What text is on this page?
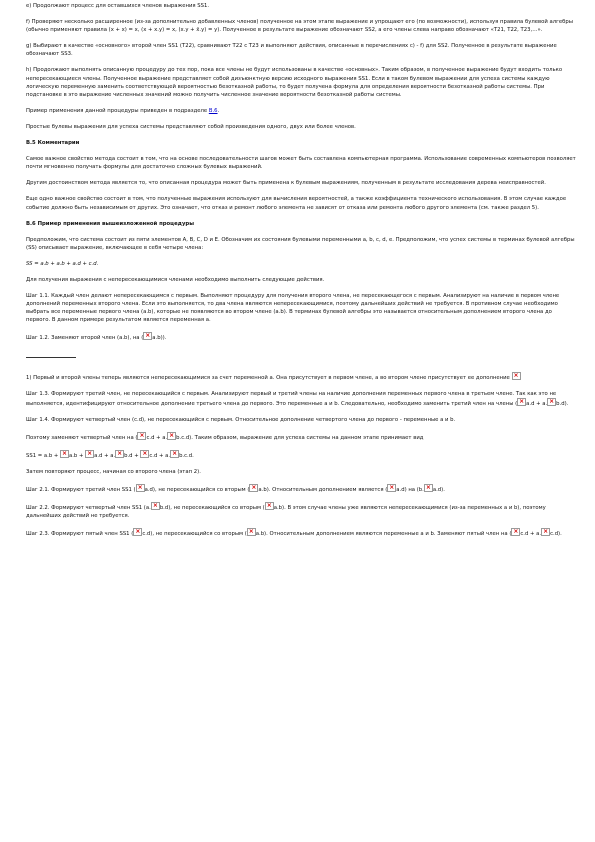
e) Продолжают процесс для оставшихся членов выражения SS1.

f) Проверяют несколько расширенное (из-за дополнительно добавленных членов) полученное на этом этапе выражение и упрощают его (по возможности), используя правила булевой алгебры (обычно применяют правила (x + x) = x, (x + x.y) = x, (x.y + x̄.y) = y). Полученное в результате выражение обозначают SS2, а его члены слева направо обозначают «T21, T22, T23,…».

g) Выбирают в качестве «основного» второй член SS1 (T22), сравнивают T22 с T23 и выполняют действия, описанные в перечислениях c) - f) для SS2. Полученное в результате выражение обозначают SS3.

h) Продолжают выполнять описанную процедуру до тех пор, пока все члены не будут использованы в качестве «основных». Таким образом, в полученное выражение будут входить только непересекающиеся члены. Полученное выражение представляет собой дизъюнктную версию исходного выражения SS1. Если в таком булевом выражении для успеха системы каждую логическую переменную заменить соответствующей вероятностью безотказной работы, то будет получена формула для определения вероятности безотказной работы системы. При подстановке в это выражение численных значений можно получить численное значение вероятности безотказной работы системы.

Пример применения данной процедуры приведен в подразделе B.6.

Простые булевы выражения для успеха системы представляют собой произведения одного, двух или более членов.

B.5 Комментарии

Самое важное свойство метода состоит в том, что на основе последовательности шагов может быть составлена компьютерная программа. Использование современных компьютеров позволяет почти мгновенно получать формулы для достаточно сложных булевых выражений.

Другим достоинством метода является то, что описанная процедура может быть применена к булевым выражениям, полученным в результате исследования дерева неисправностей.

Еще одно важное свойство состоит в том, что полученные выражения используют для вычисления вероятностей, а также коэффициента технического использования. В этом случае каждое событие должно быть независимым от других. Это означает, что отказ и ремонт любого элемента не зависят от отказа или ремонта любого другого элемента (см. также раздел 5).

B.6 Пример применения вышеизложенной процедуры

Предположим, что система состоит из пяти элементов A, B, C, D и E. Обозначим их состояния булевыми переменными a, b, c, d, e. Предположим, что успех системы в терминах булевой алгебры (SS) описывает выражение, включающее в себя четыре члена:

SS = a.b + a.b + a.d + c.d.

Для получения выражения с непересекающимися членами необходимо выполнить следующие действия.

Шаг 1.1. Каждый член делают непересекающимся с первым. Выполняют процедуру для получения второго члена, не пересекающегося с первым. Анализируют на наличие в первом члене дополнений переменных второго члена. Если это выполняется, то два члена являются непересекающимися, поэтому дальнейших действий не требуется. В противном случае необходимо выбрать все переменные первого члена (a.b), которые не появляются во втором члене (a.b). В терминах булевой алгебры это называется относительным дополнением второго члена до первого. В данном примере результатом является переменная a.

Шаг 1.2. Заменяют второй член (a.b), на ( × a.b)).

1) Первый и второй члены теперь являются непересекающимися за счет переменной a. Она присутствует в первом члене, а во втором члене присутствует ее дополнение ×

Шаг 1.3. Формируют третий член, не пересекающийся с первым. Анализируют первый и третий члены на наличие дополнения переменных первого члена в третьем члене. Так как это не выполняется, идентифицируют относительное дополнение третьего члена до первого. Это переменные a и b. Следовательно, необходимо заменить третий член на члены ( × a.d + a. × b.d).

Шаг 1.4. Формируют четвертый член (c.d), не пересекающийся с первым. Относительное дополнение четвертого члена до первого - переменные a и b.

Поэтому заменяют четвертый член на ( × c.d + a. × b.c.d). Таким образом, выражение для успеха системы на данном этапе принимает вид

SS1 = a.b + ×a.b + ×a.d + a. × b.d + ×c.d + a. × b.c.d.

Затем повторяют процесс, начиная со второго члена (этап 2).

Шаг 2.1. Формируют третий член SS1 ( × a.d), не пересекающийся со вторым ( × a.b). Относительным дополнением является ( × a.d) на (b. × a.d).

Шаг 2.2. Формируют четвертый член SS1 (a. × b.d), не пересекающийся со вторым ( × a.b). В этом случае члены уже являются непересекающимися (из-за переменных a и b), поэтому дальнейших действий не требуется.

Шаг 2.3. Формируют пятый член SS1 ( × c.d), не пересекающийся со вторым ( × a.b). Относительным дополнением являются переменные a и b. Заменяют пятый член на ( × c.d + a. × c.d).
